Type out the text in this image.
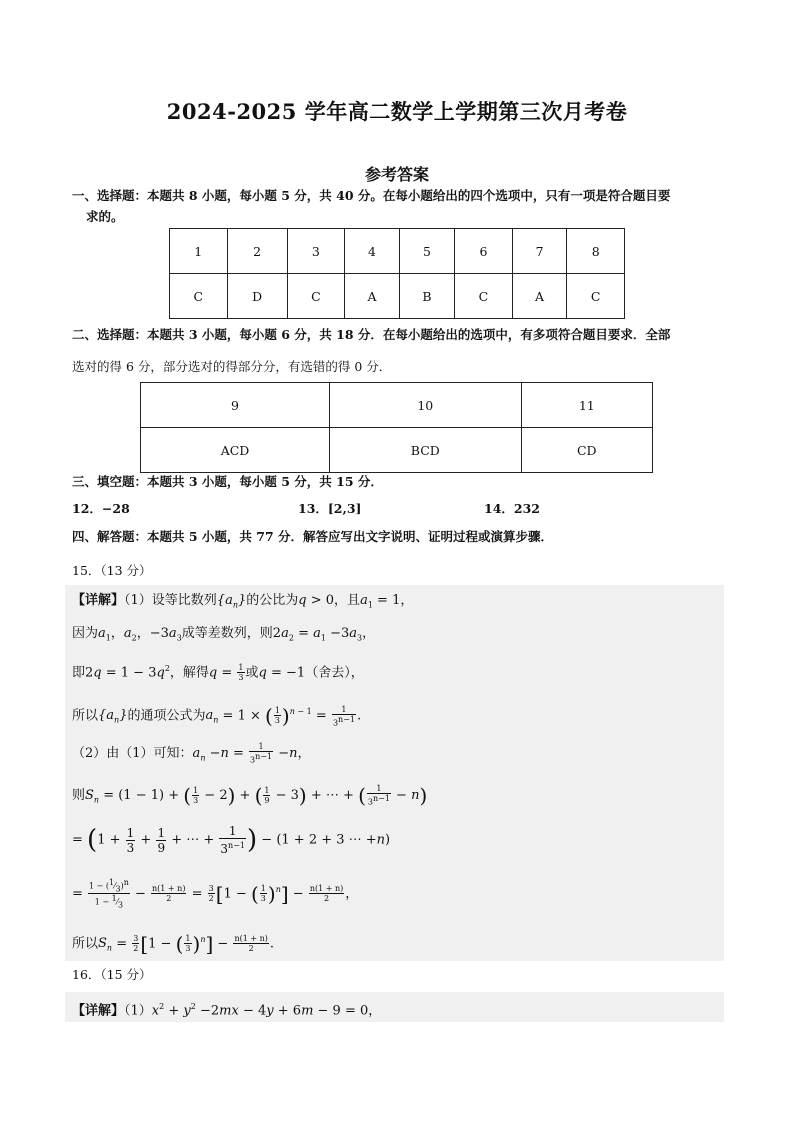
2024-2025 学年高二数学上学期第三次月考卷
参考答案
一、选择题：本题共 8 小题，每小题 5 分，共 40 分。在每小题给出的四个选项中，只有一项是符合题目要
求的。
1	2	3	4	5	6	7	8
C	D	C	A	B	C	A	C
二、选择题：本题共 3 小题，每小题 6 分，共 18 分．在每小题给出的选项中，有多项符合题目要求．全部
选对的得 6 分，部分选对的得部分分，有选错的得 0 分．
9	10	11
ACD	BCD	CD
三、填空题：本题共 3 小题，每小题 5 分，共 15 分．
12．−28	13．[2,3]	14．232
四、解答题：本题共 5 小题，共 77 分．解答应写出文字说明、证明过程或演算步骤．
15．（13 分）
【详解】（1）设等比数列$\{a_n\}$的公比为q > 0，且$a_1 = 1$，
因为$a_1$，$a_2$，$-3a_3$成等差数列，则$2a_2 = a_1 -3a_3$，
即$2q = 1 - 3q^2$，解得$q = \frac{1}{3}$ 或q = −1（舍去），
所以$\{a_n\}$的通项公式为$a_n = 1$ × ( $\frac{1}{3} )^{n - 1} = \frac{1}{3^{n-1}}$ .
（2）由（1）可知：$a_n -n = \frac{1}{3^{n-1}} -n$，
则$S_n = (1 - 1)$ + ( $\frac{1}{3} - 2$) + ( $\frac{1}{9} - 3$) + ⋯ + ( $\frac{1}{3^{n-1}} - n$)
= ($1 + \frac{1}{3} + \frac{1}{9}$ + ⋯ + $\frac{1}{3^{n-1}}$ ) − (1 + 2 + 3 ⋯ +n)
= $\frac{1 - (^1⁄_3)^n}{1 - ^1⁄_3} - \frac{n(1 + n)}{2} = \frac{3}{2} [1$ − ( $\frac{1}{3} )^n] - \frac{n(1 + n)}{2}$ ，
所以$S_n = \frac{3}{2} [1$ − ( $\frac{1}{3} )^n] - \frac{n(1 + n)}{2}$ .
16．（15 分）
【详解】$(1)x^2 + y^2 -2mx - 4y + 6m - 9 = 0$，
